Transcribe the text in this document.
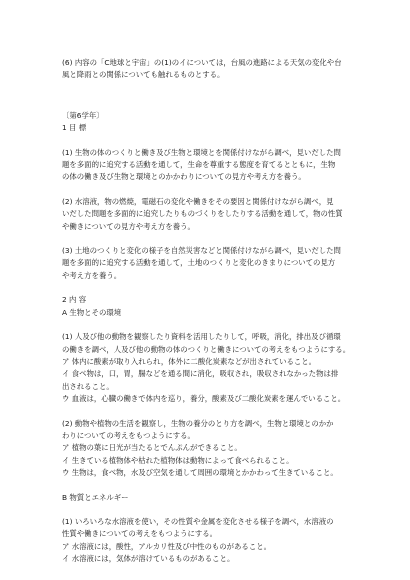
(6) 内容の「C地球と宇宙」の(1)のイについては，台風の進路による天気の変化や台
風と降雨との関係についても触れるものとする。
〔第6学年〕
1 目 標
(1) 生物の体のつくりと働き及び生物と環境とを関係付けながら調べ，見いだした問
題を多面的に追究する活動を通して，生命を尊重する態度を育てるとともに，生物
の体の働き及び生物と環境とのかかわりについての見方や考え方を養う。
(2) 水溶液，物の燃焼，電磁石の変化や働きをその要因と関係付けながら調べ，見
いだした問題を多面的に追究したりものづくりをしたりする活動を通して，物の性質
や働きについての見方や考え方を養う。
(3) 土地のつくりと変化の様子を自然災害などと関係付けながら調べ，見いだした問
題を多面的に追究する活動を通して，土地のつくりと変化のきまりについての見方
や考え方を養う。
2 内 容
A 生物とその環境
(1) 人及び他の動物を観察したり資料を活用したりして，呼吸，消化，排出及び循環
の働きを調べ，人及び他の動物の体のつくりと働きについての考えをもつようにする。
ア 体内に酸素が取り入れられ，体外に二酸化炭素などが出されていること。
イ 食べ物は，口，胃，腸などを通る間に消化，吸収され，吸収されなかった物は排
出されること。
ウ 血液は，心臓の働きで体内を巡り，養分，酸素及び二酸化炭素を運んでいること。
(2) 動物や植物の生活を観察し，生物の養分のとり方を調べ，生物と環境とのかか
わりについての考えをもつようにする。
ア 植物の葉に日光が当たるとでんぷんができること。
イ 生きている植物体や枯れた植物体は動物によって食べられること。
ウ 生物は，食べ物，水及び空気を通して周囲の環境とかかわって生きていること。
B 物質とエネルギー
(1) いろいろな水溶液を使い，その性質や金属を変化させる様子を調べ，水溶液の
性質や働きについての考えをもつようにする。
ア 水溶液には，酸性，アルカリ性及び中性のものがあること。
イ 水溶液には，気体が溶けているものがあること。
